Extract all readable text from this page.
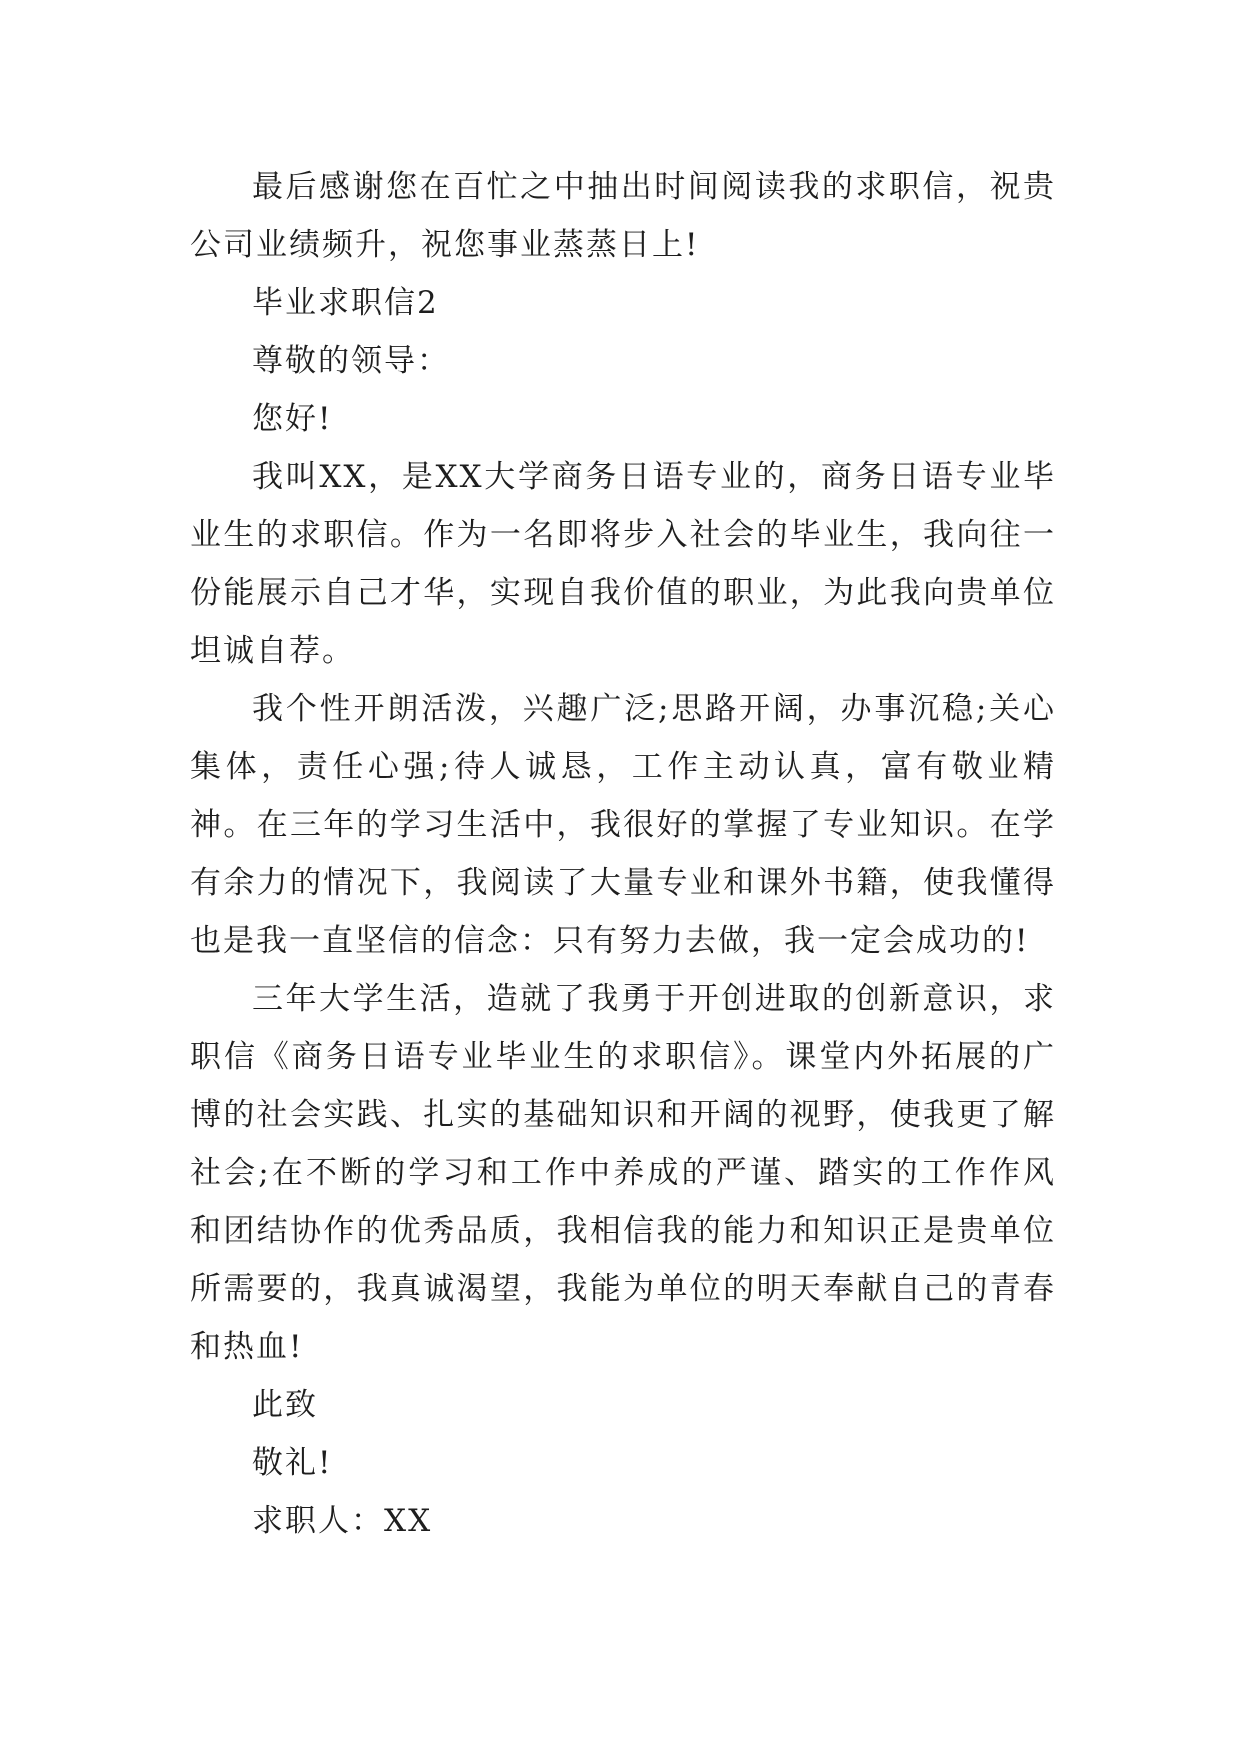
最后感谢您在百忙之中抽出时间阅读我的求职信，祝贵公司业绩频升，祝您事业蒸蒸日上!

毕业求职信2

尊敬的领导：

您好!

我叫XX，是XX大学商务日语专业的，商务日语专业毕业生的求职信。作为一名即将步入社会的毕业生，我向往一份能展示自己才华，实现自我价值的职业，为此我向贵单位坦诚自荐。

我个性开朗活泼，兴趣广泛;思路开阔，办事沉稳;关心集体，责任心强;待人诚恳，工作主动认真，富有敬业精神。在三年的学习生活中，我很好的掌握了专业知识。在学有余力的情况下，我阅读了大量专业和课外书籍，使我懂得也是我一直坚信的信念：只有努力去做，我一定会成功的!

三年大学生活，造就了我勇于开创进取的创新意识，求职信《商务日语专业毕业生的求职信》。课堂内外拓展的广博的社会实践、扎实的基础知识和开阔的视野，使我更了解社会;在不断的学习和工作中养成的严谨、踏实的工作作风和团结协作的优秀品质，我相信我的能力和知识正是贵单位所需要的，我真诚渴望，我能为单位的明天奉献自己的青春和热血!

此致

敬礼!

求职人：XX
